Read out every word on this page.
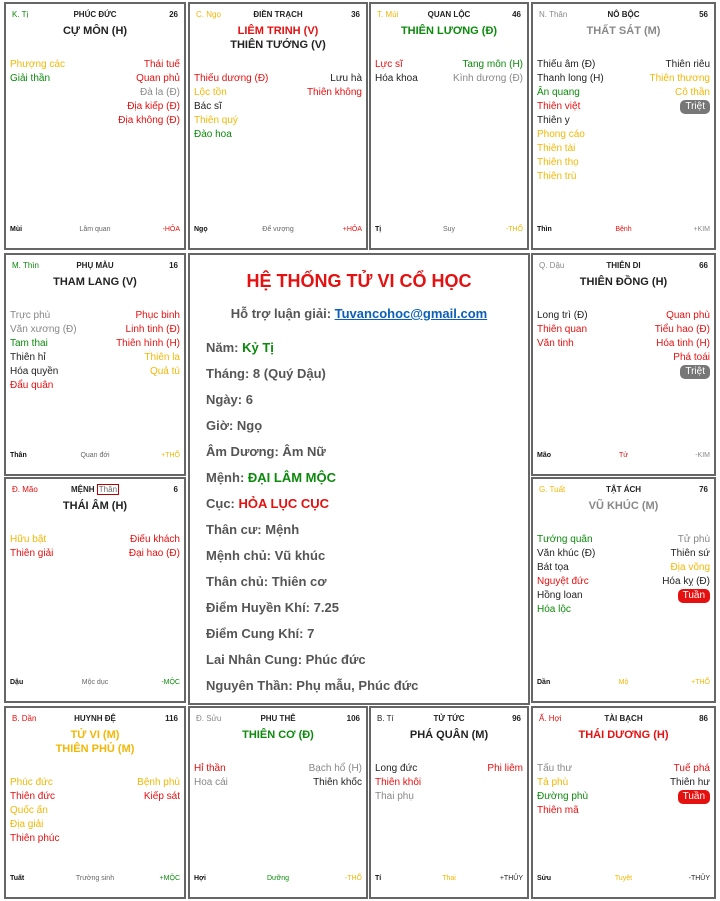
HỆ THỐNG TỬ VI CỔ HỌC
Hỗ trợ luận giải: Tuvancohoc@gmail.com
Năm: Kỷ Tị
Tháng: 8 (Quý Dậu)
Ngày: 6
Giờ: Ngọ
Âm Dương: Âm Nữ
Mệnh: ĐẠI LÂM MỘC
Cục: HỎA LỤC CỤC
Thân cư: Mệnh
Mệnh chủ: Vũ khúc
Thân chủ: Thiên cơ
Điểm Huyền Khí: 7.25
Điểm Cung Khí: 7
Lai Nhân Cung: Phúc đức
Nguyên Thần: Phụ mẫu, Phúc đức
K. Tị	PHÚC ĐỨC	26
CỰ MÔN (H)
Phượng các	Thái tuế
Giải thần	Quan phủ
Đà la (Đ)
Địa kiếp (Đ)
Địa không (Đ)
Mùi	Lâm quan	-HỎA
C. Ngọ	ĐIỀN TRẠCH	36
LIÊM TRINH (V)
THIÊN TƯỚNG (V)
Thiếu dương (Đ)	Lưu hà
Lộc tồn	Thiên không
Bác sĩ
Thiên quý
Đào hoa
Ngọ	Đế vượng	+HỎA
T. Mùi	QUAN LỘC	46
THIÊN LƯƠNG (Đ)
Lực sĩ	Tang môn (H)
Hóa khoa	Kình dương (Đ)
Tị	Suy	-THỔ
N. Thân	NÔ BỘC	56
THẤT SÁT (M)
Thiếu âm (Đ)	Thiên riêu
Thanh long (H)	Thiên thương
Ân quang	Cô thần
Thiên việt	Triệt
Thiên y
Phong cáo
Thiên tài
Thiên thọ
Thiên trù
Thìn	Bệnh	+KIM
M. Thìn	PHỤ MẪU	16
THAM LANG (V)
Trực phù	Phục binh
Văn xương (Đ)	Linh tinh (Đ)
Tam thai	Thiên hình (H)
Thiên hỉ	Thiên la
Hóa quyền	Quả tú
Đẩu quân
Thân	Quan đới	+THỔ
Q. Dậu	THIÊN DI	66
THIÊN ĐỒNG (H)
Long trì (Đ)	Quan phù
Thiên quan	Tiểu hao (Đ)
Văn tinh	Hóa tinh (H)
Phá toái
Triệt
Mão	Tử	-KIM
Đ. Mão	MỆNH Thân	6
THÁI ÂM (H)
Hữu bật	Điếu khách
Thiên giải	Đại hao (Đ)
Dậu	Mộc dục	-MỘC
G. Tuất	TẬT ÁCH	76
VŨ KHÚC (M)
Tướng quân	Tử phù
Văn khúc (Đ)	Thiên sứ
Bát tọa	Địa võng
Nguyệt đức	Hóa kỵ (Đ)
Hồng loan	Tuần
Hóa lộc
Dần	Mộ	+THỔ
B. Dần	HUYNH ĐỆ	116
TỬ VI (M)
THIÊN PHỦ (M)
Phúc đức	Bệnh phù
Thiên đức	Kiếp sát
Quốc ấn
Địa giải
Thiên phúc
Tuất	Trường sinh	+MỘC
Đ. Sửu	PHU THÊ	106
THIÊN CƠ (Đ)
Hỉ thần	Bạch hổ (H)
Hoa cái	Thiên khốc
Hợi	Dưỡng	-THỔ
B. Tí	TỬ TỨC	96
PHÁ QUÂN (M)
Long đức	Phi liêm
Thiên khôi
Thai phụ
Tí	Thai	+THỦY
Ấ. Hợi	TÀI BẠCH	86
THÁI DƯƠNG (H)
Tấu thư	Tuế phá
Tả phù	Thiên hư
Đường phù	Tuần
Thiên mã
Sửu	Tuyệt	-THỦY
